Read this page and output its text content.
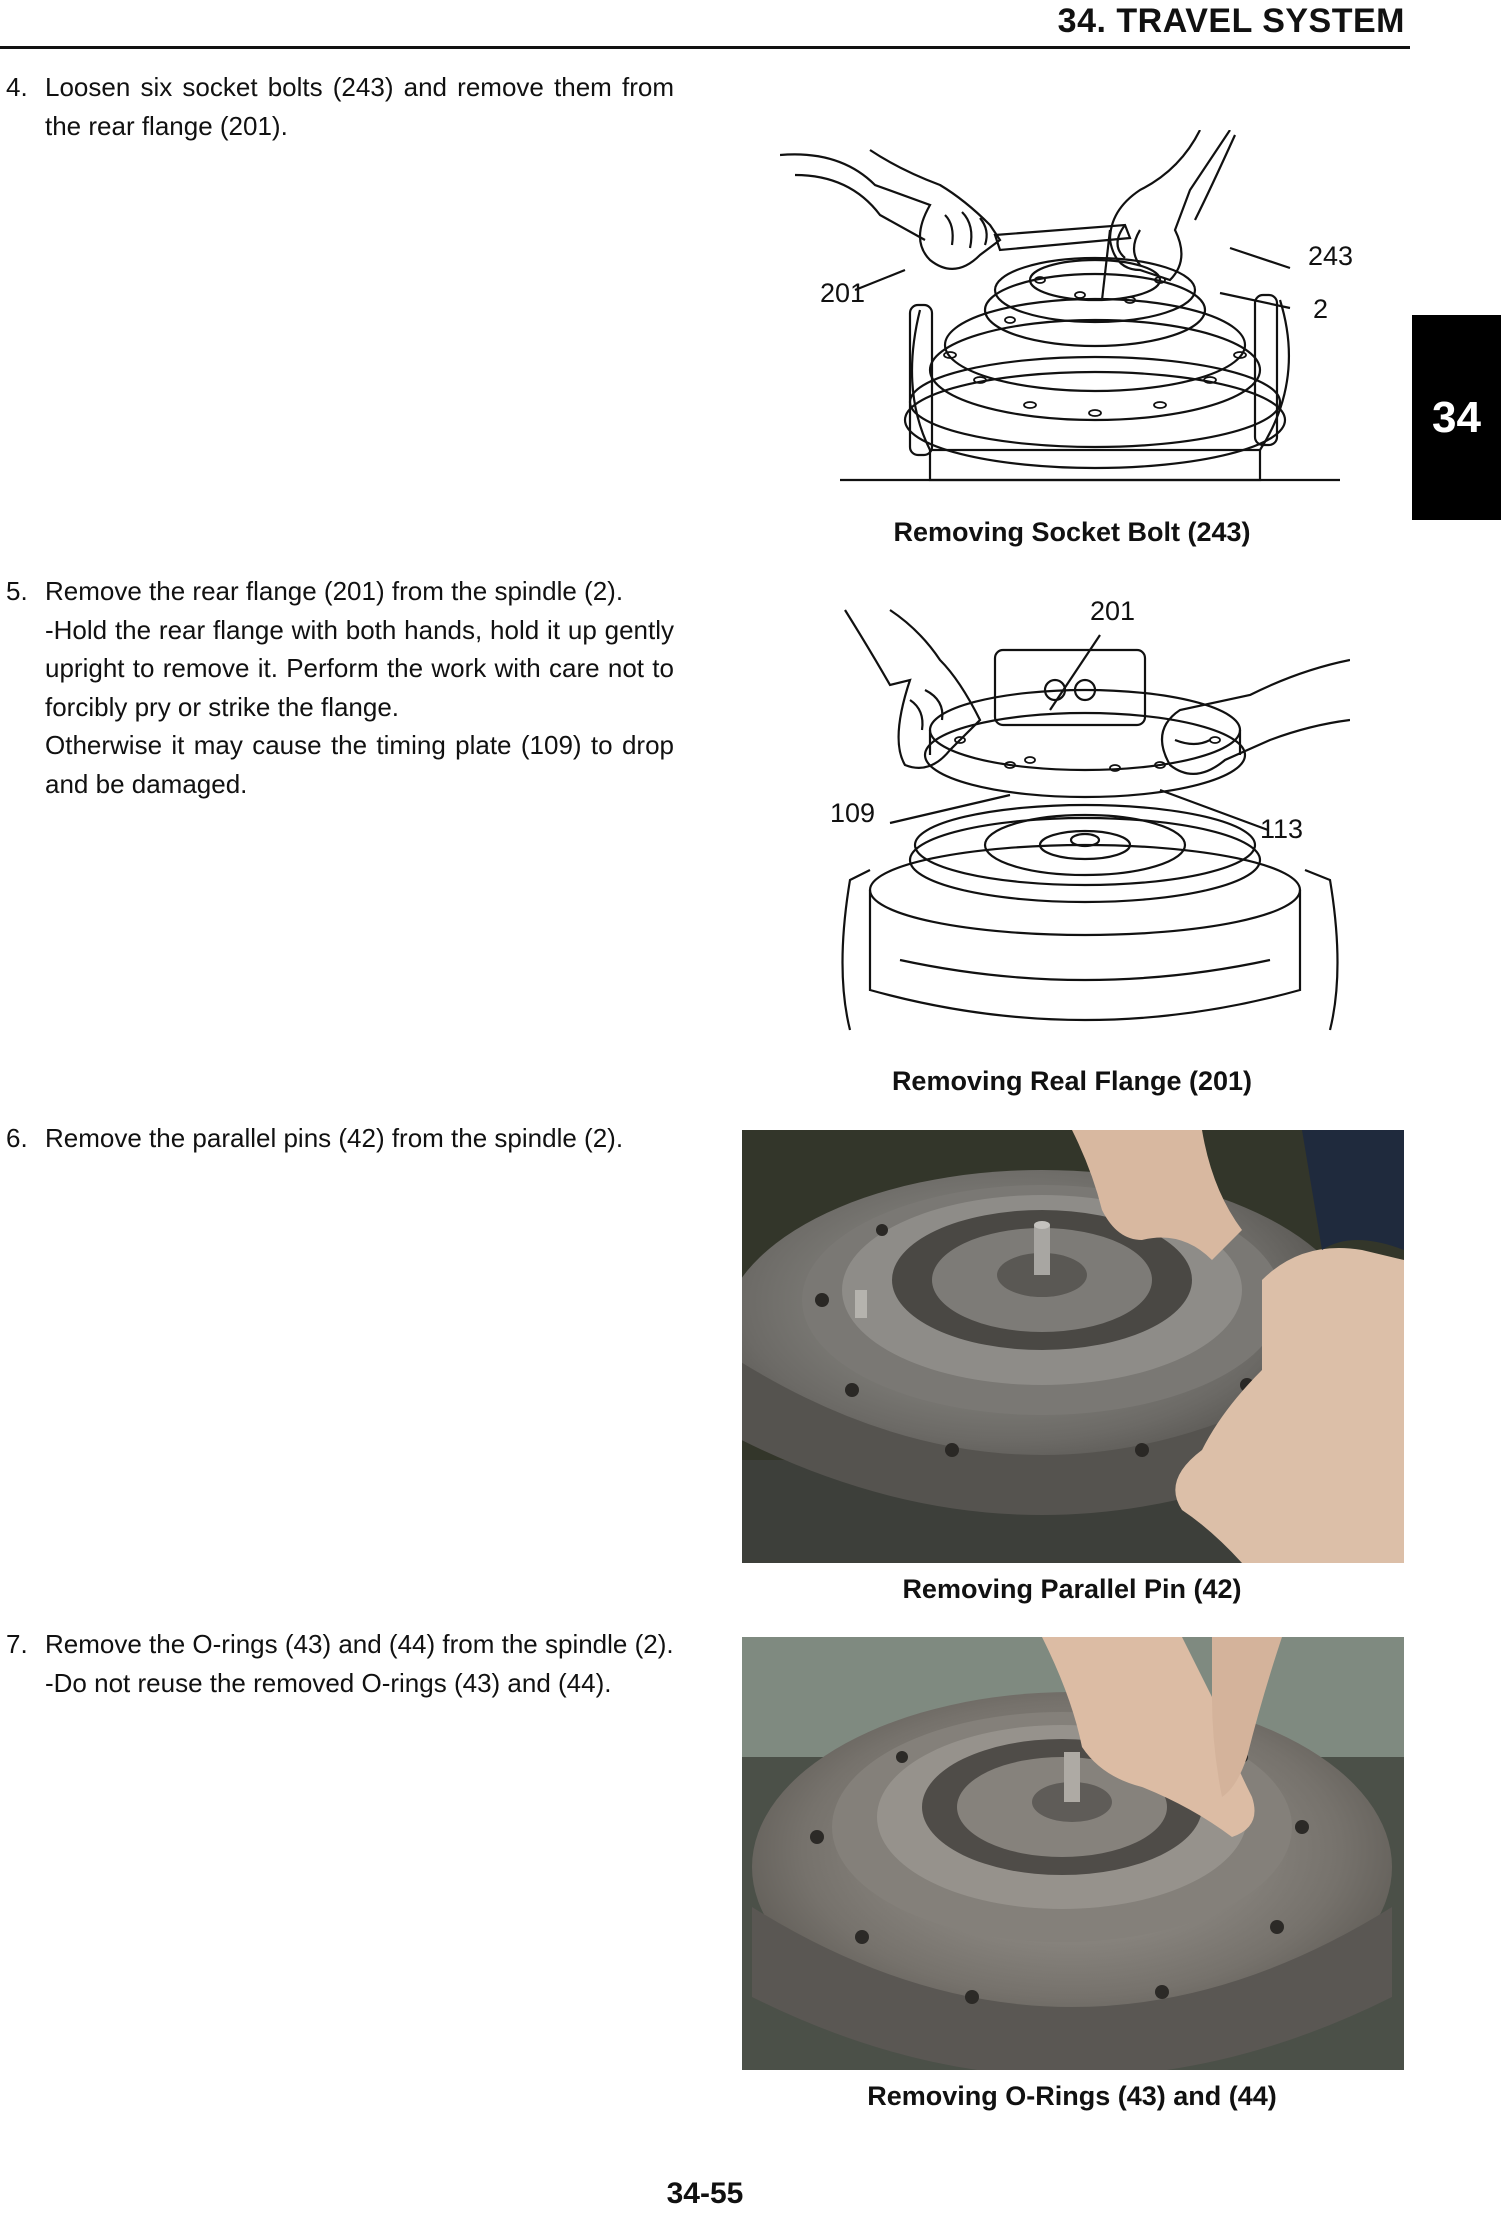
34. TRAVEL SYSTEM
34
4. Loosen six socket bolts (243) and remove them from the rear flange (201).

5. Remove the rear flange (201) from the spindle (2).

-Hold the rear flange with both hands, hold it up gently upright to remove it. Perform the work with care not to forcibly pry or strike the flange.

Otherwise it may cause the timing plate (109) to drop and be damaged.

6. Remove the parallel pins (42) from the spindle (2).

7. Remove the O-rings (43) and (44) from the spindle (2).

-Do not reuse the removed O-rings (43) and (44).

201
243
2
Removing Socket Bolt (243)
201
109
113
Removing Real Flange (201)
Removing Parallel Pin (42)
Removing O-Rings (43) and (44)
34-55
